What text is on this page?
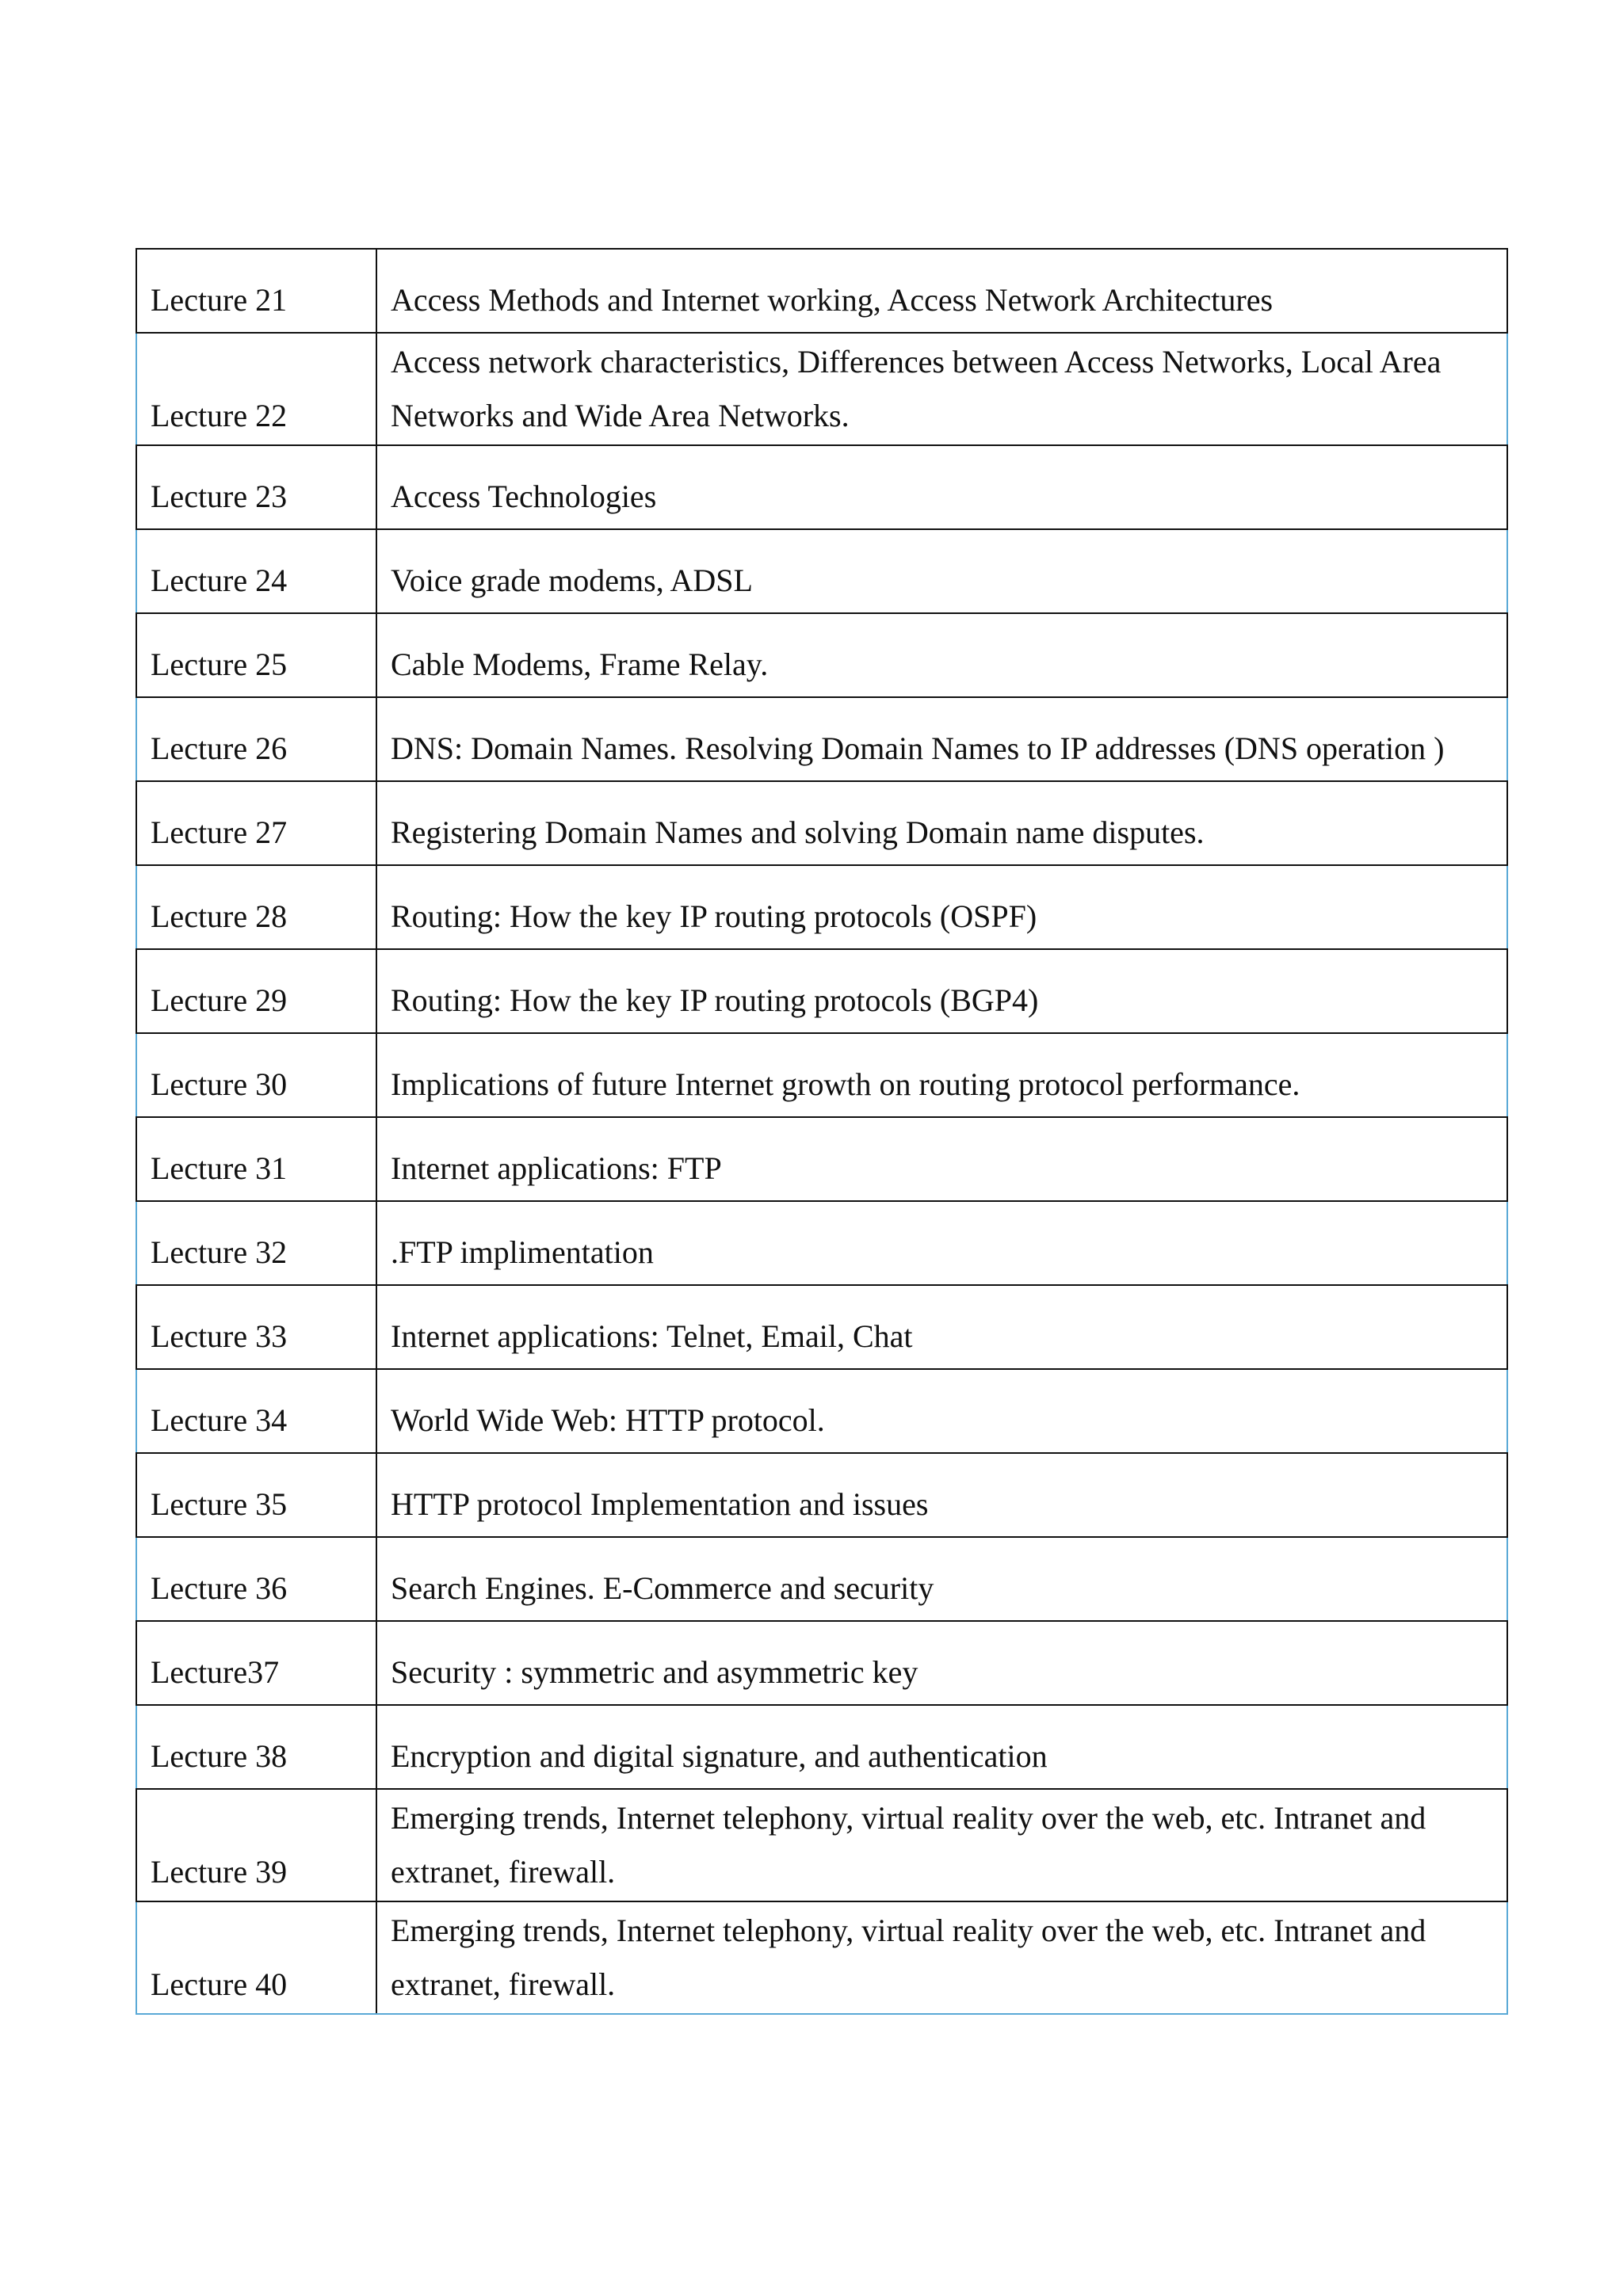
Lecture 21	Access Methods and Internet working, Access Network Architectures
Lecture 22	Access network characteristics, Differences between Access Networks, Local Area Networks and Wide Area Networks.
Lecture 23	Access Technologies
Lecture 24	Voice grade modems, ADSL
Lecture 25	Cable Modems, Frame Relay.
Lecture 26	DNS: Domain Names. Resolving Domain Names to IP addresses (DNS operation )
Lecture 27	Registering Domain Names and solving Domain name disputes.
Lecture 28	Routing: How the key IP routing protocols (OSPF)
Lecture 29	Routing: How the key IP routing protocols (BGP4)
Lecture 30	Implications of future Internet growth on routing protocol performance.
Lecture 31	Internet applications: FTP
Lecture 32	.FTP implimentation
Lecture 33	Internet applications: Telnet, Email, Chat
Lecture 34	World Wide Web: HTTP protocol.
Lecture 35	HTTP protocol Implementation and issues
Lecture 36	Search Engines. E-Commerce and security
Lecture37	Security : symmetric and asymmetric key
Lecture 38	Encryption and digital signature, and authentication
Lecture 39	Emerging trends, Internet telephony, virtual reality over the web, etc. Intranet and extranet, firewall.
Lecture 40	Emerging trends, Internet telephony, virtual reality over the web, etc. Intranet and extranet, firewall.
